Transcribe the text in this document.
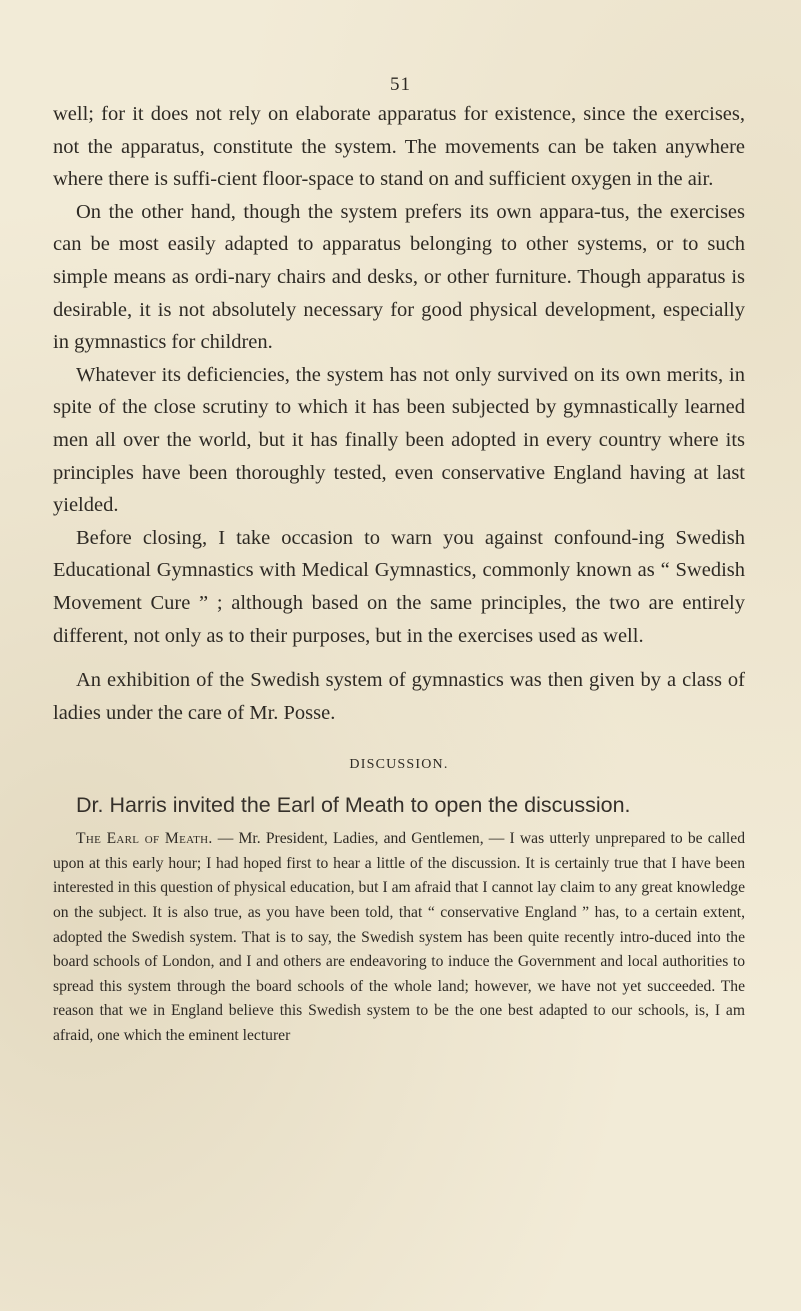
51

well; for it does not rely on elaborate apparatus for existence, since the exercises, not the apparatus, constitute the system. The movements can be taken anywhere where there is suffi-cient floor-space to stand on and sufficient oxygen in the air.

On the other hand, though the system prefers its own appara-tus, the exercises can be most easily adapted to apparatus belonging to other systems, or to such simple means as ordi-nary chairs and desks, or other furniture. Though apparatus is desirable, it is not absolutely necessary for good physical development, especially in gymnastics for children.

Whatever its deficiencies, the system has not only survived on its own merits, in spite of the close scrutiny to which it has been subjected by gymnastically learned men all over the world, but it has finally been adopted in every country where its principles have been thoroughly tested, even conservative England having at last yielded.

Before closing, I take occasion to warn you against confound-ing Swedish Educational Gymnastics with Medical Gymnastics, commonly known as “ Swedish Movement Cure ” ; although based on the same principles, the two are entirely different, not only as to their purposes, but in the exercises used as well.

An exhibition of the Swedish system of gymnastics was then given by a class of ladies under the care of Mr. Posse.

DISCUSSION.

Dr. Harris invited the Earl of Meath to open the discussion.

The Earl of Meath. — Mr. President, Ladies, and Gentlemen, — I was utterly unprepared to be called upon at this early hour; I had hoped first to hear a little of the discussion. It is certainly true that I have been interested in this question of physical education, but I am afraid that I cannot lay claim to any great knowledge on the subject. It is also true, as you have been told, that “ conservative England ” has, to a certain extent, adopted the Swedish system. That is to say, the Swedish system has been quite recently intro-duced into the board schools of London, and I and others are endeavoring to induce the Government and local authorities to spread this system through the board schools of the whole land; however, we have not yet succeeded. The reason that we in England believe this Swedish system to be the one best adapted to our schools, is, I am afraid, one which the eminent lecturer
